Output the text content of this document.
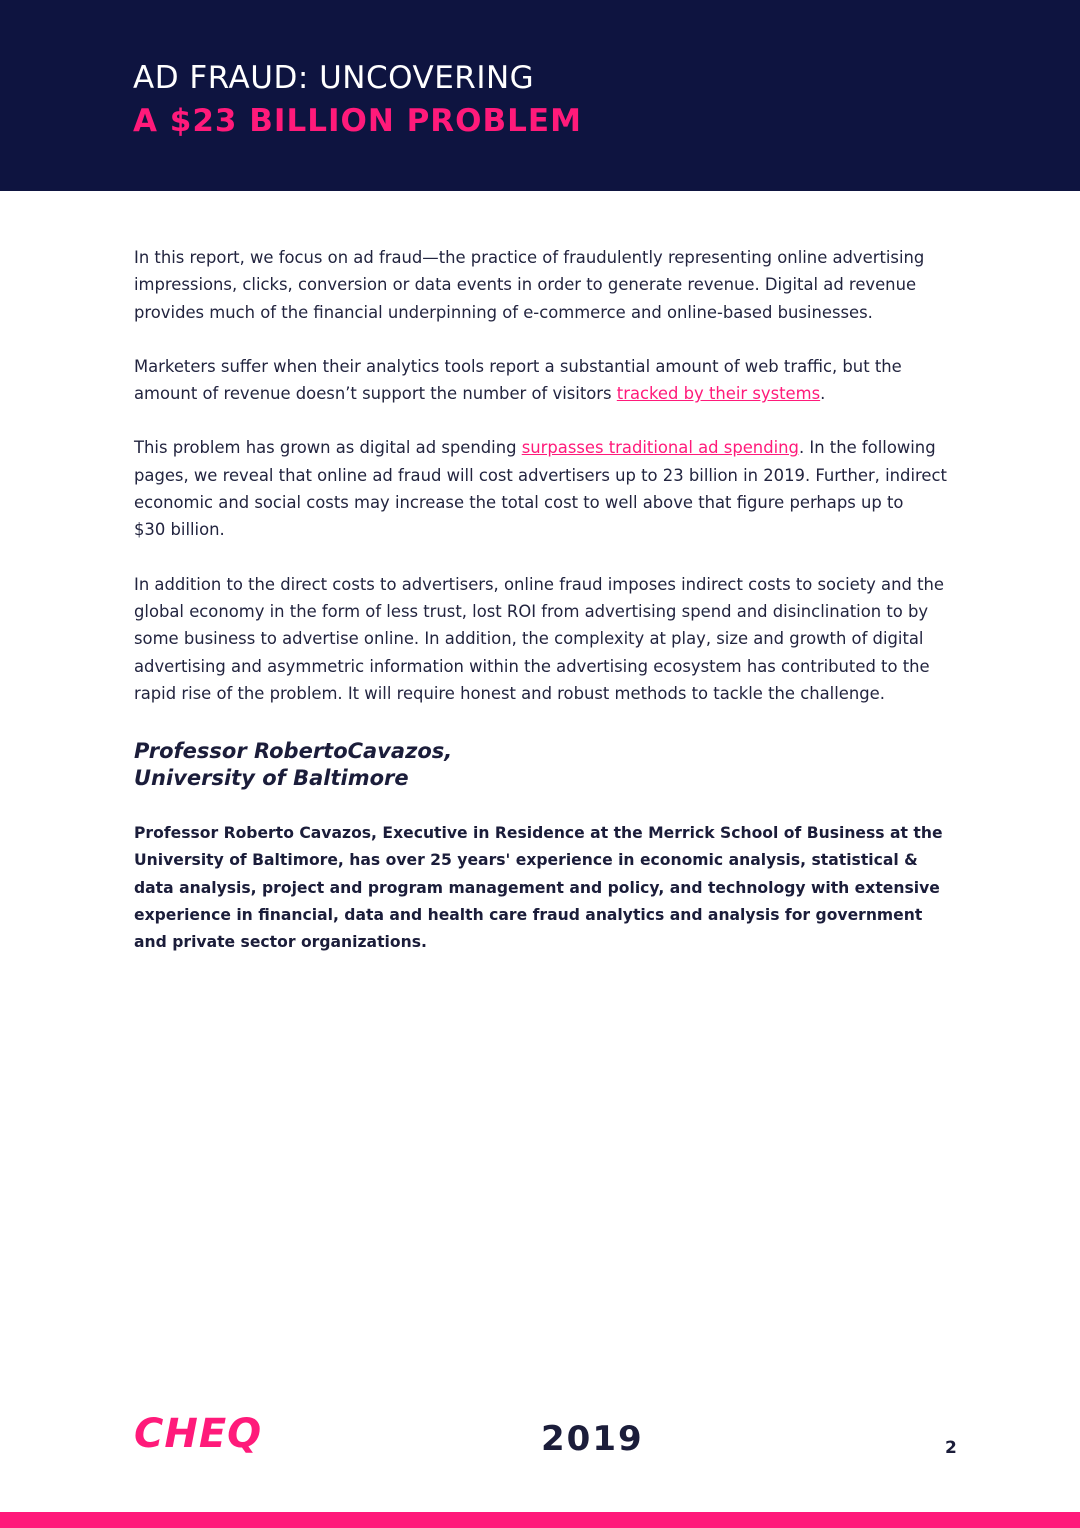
AD FRAUD: UNCOVERING
A $23 BILLION PROBLEM

In this report, we focus on ad fraud—the practice of fraudulently representing online advertising impressions, clicks, conversion or data events in order to generate revenue. Digital ad revenue provides much of the financial underpinning of e-commerce and online-based businesses.

Marketers suffer when their analytics tools report a substantial amount of web traffic, but the amount of revenue doesn’t support the number of visitors tracked by their systems.

This problem has grown as digital ad spending surpasses traditional ad spending. In the following pages, we reveal that online ad fraud will cost advertisers up to 23 billion in 2019. Further, indirect economic and social costs may increase the total cost to well above that figure perhaps up to
$30 billion.

In addition to the direct costs to advertisers, online fraud imposes indirect costs to society and the global economy in the form of less trust, lost ROI from advertising spend and disinclination to by some business to advertise online. In addition, the complexity at play, size and growth of digital advertising and asymmetric information within the advertising ecosystem has contributed to the rapid rise of the problem. It will require honest and robust methods to tackle the challenge.

Professor RobertoCavazos,
University of Baltimore

Professor Roberto Cavazos, Executive in Residence at the Merrick School of Business at the University of Baltimore, has over 25 years' experience in economic analysis, statistical & data analysis, project and program management and policy, and technology with extensive experience in financial, data and health care fraud analytics and analysis for government and private sector organizations.

CHEQ	2019	2
